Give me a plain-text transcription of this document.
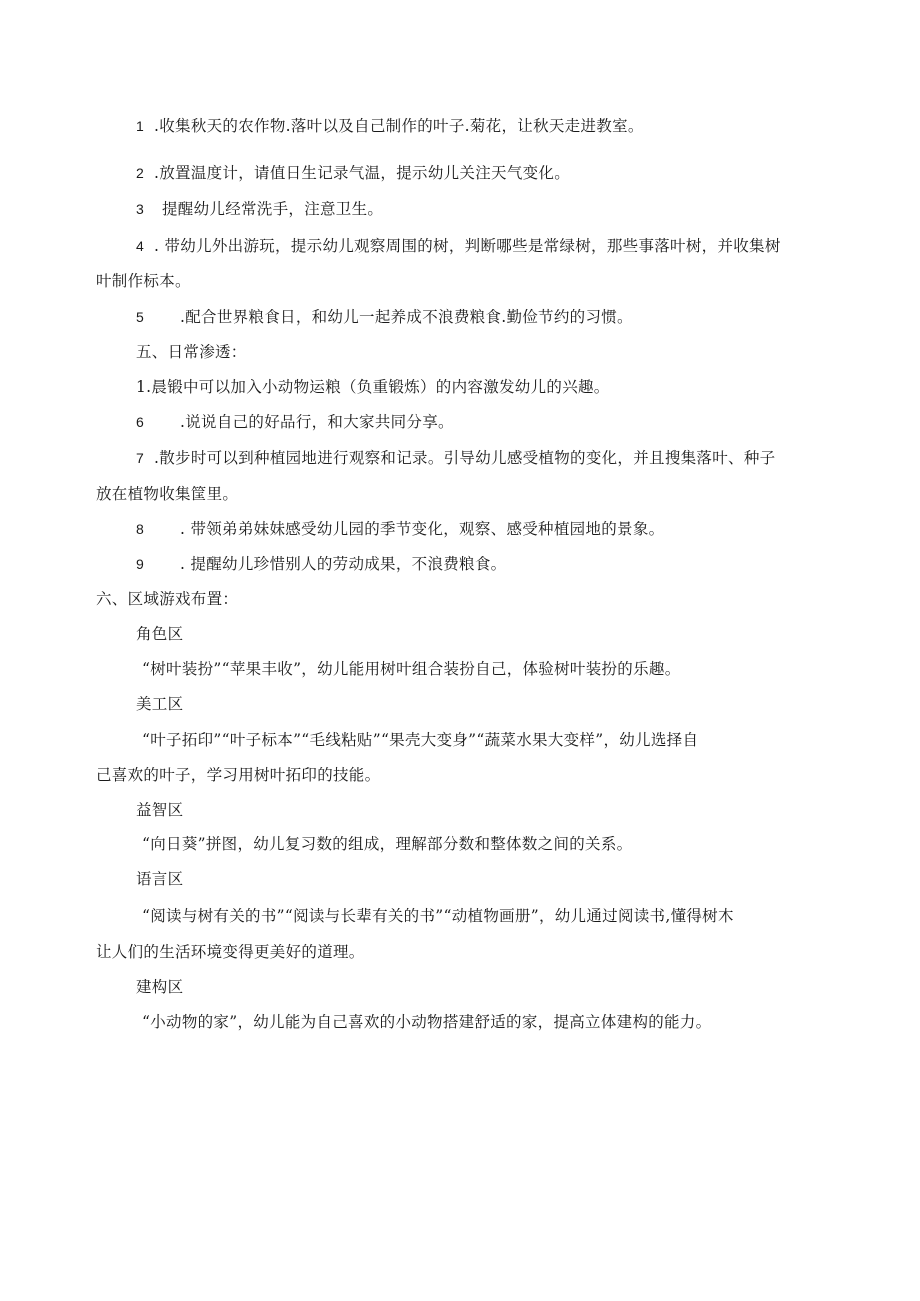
1 .收集秋天的农作物.落叶以及自己制作的叶子.菊花，让秋天走进教室。
2 .放置温度计，请值日生记录气温，提示幼儿关注天气变化。
3 提醒幼儿经常洗手，注意卫生。
4 . 带幼儿外出游玩，提示幼儿观察周围的树，判断哪些是常绿树，那些事落叶树，并收集树
叶制作标本。
5 .配合世界粮食日，和幼儿一起养成不浪费粮食.勤俭节约的习惯。
五、日常渗透：
1.晨锻中可以加入小动物运粮（负重锻炼）的内容激发幼儿的兴趣。
6 .说说自己的好品行，和大家共同分享。
7 .散步时可以到种植园地进行观察和记录。引导幼儿感受植物的变化，并且搜集落叶、种子
放在植物收集筐里。
8 . 带领弟弟妹妹感受幼儿园的季节变化，观察、感受种植园地的景象。
9 . 提醒幼儿珍惜别人的劳动成果，不浪费粮食。
六、区域游戏布置：
角色区
“树叶装扮”“苹果丰收”，幼儿能用树叶组合装扮自己，体验树叶装扮的乐趣。
美工区
“叶子拓印”“叶子标本”“毛线粘贴”“果壳大变身”“蔬菜水果大变样”，幼儿选择自
己喜欢的叶子，学习用树叶拓印的技能。
益智区
“向日葵”拼图，幼儿复习数的组成，理解部分数和整体数之间的关系。
语言区
“阅读与树有关的书”“阅读与长辈有关的书”“动植物画册”，幼儿通过阅读书,懂得树木
让人们的生活环境变得更美好的道理。
建构区
“小动物的家”，幼儿能为自己喜欢的小动物搭建舒适的家，提高立体建构的能力。
